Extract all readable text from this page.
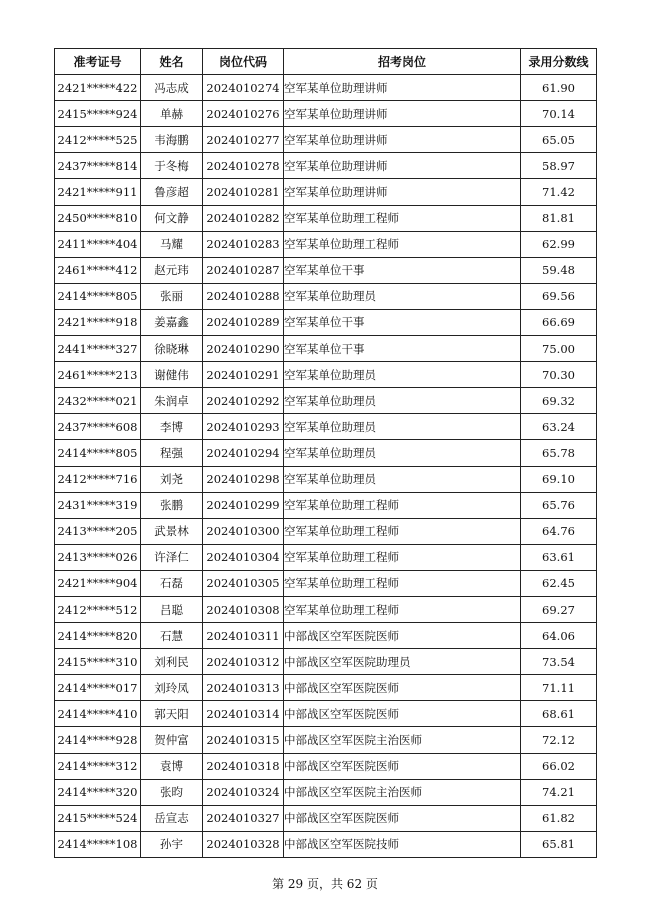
准考证号	姓名	岗位代码	招考岗位	录用分数线
2421*****422	冯志成	2024010274	空军某单位助理讲师	61.90
2415*****924	单赫	2024010276	空军某单位助理讲师	70.14
2412*****525	韦海鹏	2024010277	空军某单位助理讲师	65.05
2437*****814	于冬梅	2024010278	空军某单位助理讲师	58.97
2421*****911	鲁彦超	2024010281	空军某单位助理讲师	71.42
2450*****810	何文静	2024010282	空军某单位助理工程师	81.81
2411*****404	马耀	2024010283	空军某单位助理工程师	62.99
2461*****412	赵元玮	2024010287	空军某单位干事	59.48
2414*****805	张丽	2024010288	空军某单位助理员	69.56
2421*****918	姜嘉鑫	2024010289	空军某单位干事	66.69
2441*****327	徐晓琳	2024010290	空军某单位干事	75.00
2461*****213	谢健伟	2024010291	空军某单位助理员	70.30
2432*****021	朱润卓	2024010292	空军某单位助理员	69.32
2437*****608	李博	2024010293	空军某单位助理员	63.24
2414*****805	程强	2024010294	空军某单位助理员	65.78
2412*****716	刘尧	2024010298	空军某单位助理员	69.10
2431*****319	张鹏	2024010299	空军某单位助理工程师	65.76
2413*****205	武景林	2024010300	空军某单位助理工程师	64.76
2413*****026	许泽仁	2024010304	空军某单位助理工程师	63.61
2421*****904	石磊	2024010305	空军某单位助理工程师	62.45
2412*****512	吕聪	2024010308	空军某单位助理工程师	69.27
2414*****820	石慧	2024010311	中部战区空军医院医师	64.06
2415*****310	刘利民	2024010312	中部战区空军医院助理员	73.54
2414*****017	刘玲凤	2024010313	中部战区空军医院医师	71.11
2414*****410	郭天阳	2024010314	中部战区空军医院医师	68.61
2414*****928	贺仲富	2024010315	中部战区空军医院主治医师	72.12
2414*****312	袁博	2024010318	中部战区空军医院医师	66.02
2414*****320	张昀	2024010324	中部战区空军医院主治医师	74.21
2415*****524	岳宣志	2024010327	中部战区空军医院医师	61.82
2414*****108	孙宇	2024010328	中部战区空军医院技师	65.81
第 29 页，共 62 页
